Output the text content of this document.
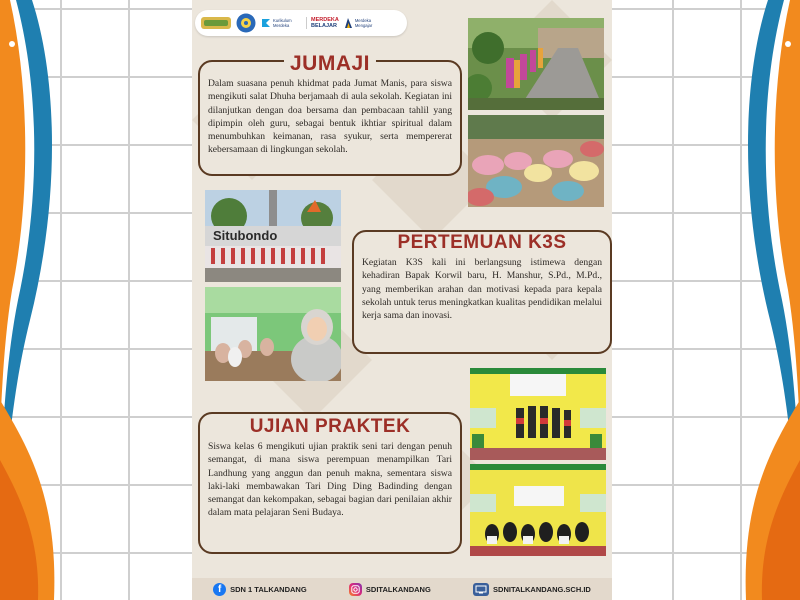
Kurikulum Merdeka
MERDEKA
BELAJAR
Merdeka Mengajar
JUMAJI

Dalam suasana penuh khidmat pada Jumat Manis, para siswa mengikuti salat Dhuha berjamaah di aula sekolah. Kegiatan ini dilanjutkan dengan doa bersama dan pembacaan tahlil yang dipimpin oleh guru, sebagai bentuk ikhtiar spiritual dalam menumbuhkan keimanan, rasa syukur, serta mempererat kebersamaan di lingkungan sekolah.

PERTEMUAN K3S

Kegiatan K3S kali ini berlangsung istimewa dengan kehadiran Bapak Korwil baru, H. Manshur, S.Pd., M.Pd., yang memberikan arahan dan motivasi kepada para kepala sekolah untuk terus meningkatkan kualitas pendidikan melalui kerja sama dan inovasi.

UJIAN PRAKTEK

Siswa kelas 6 mengikuti ujian praktik seni tari dengan penuh semangat, di mana siswa perempuan menampilkan Tari Landhung yang anggun dan penuh makna, sementara siswa laki-laki membawakan Tari Ding Ding Badinding dengan semangat dan kekompakan, sebagai bagian dari penilaian akhir dalam mata pelajaran Seni Budaya.

Situbondo
f	SDN 1 TALKANDANG	SDITALKANDANG	SDNITALKANDANG.SCH.ID
